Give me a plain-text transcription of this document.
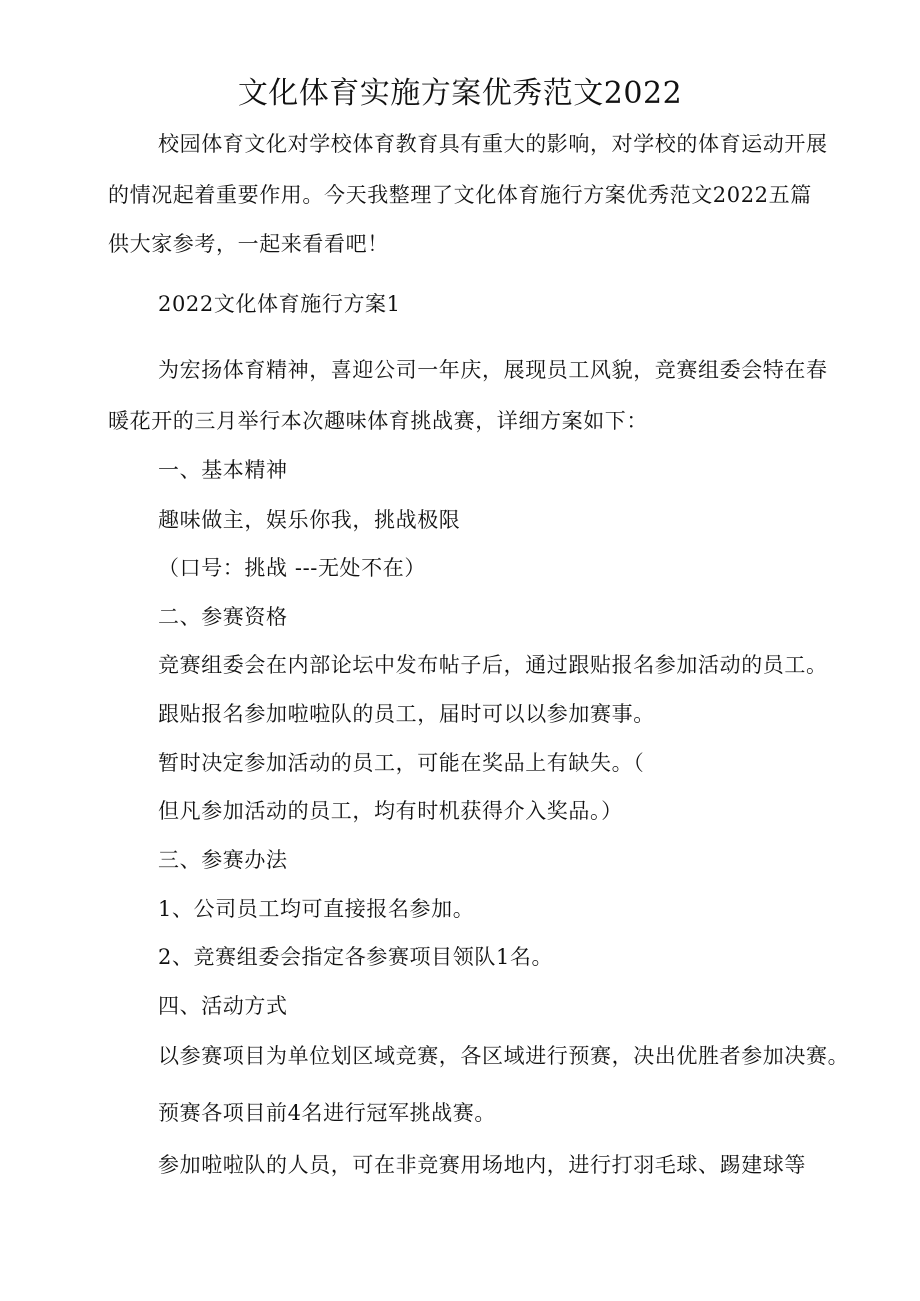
文化体育实施方案优秀范文2022
校园体育文化对学校体育教育具有重大的影响，对学校的体育运动开展
的情况起着重要作用。今天我整理了文化体育施行方案优秀范文2022五篇
供大家参考，一起来看看吧！
2022文化体育施行方案1
为宏扬体育精神，喜迎公司一年庆，展现员工风貌，竞赛组委会特在春
暖花开的三月举行本次趣味体育挑战赛，详细方案如下：
一、基本精神
趣味做主，娱乐你我，挑战极限
（口号：挑战 ---无处不在）
二、参赛资格
竞赛组委会在内部论坛中发布帖子后，通过跟贴报名参加活动的员工。
跟贴报名参加啦啦队的员工，届时可以以参加赛事。
暂时决定参加活动的员工，可能在奖品上有缺失。（
但凡参加活动的员工，均有时机获得介入奖品。）
三、参赛办法
1、公司员工均可直接报名参加。
2、竞赛组委会指定各参赛项目领队1名。
四、活动方式
以参赛项目为单位划区域竞赛，各区域进行预赛，决出优胜者参加决赛。
预赛各项目前4名进行冠军挑战赛。
参加啦啦队的人员，可在非竞赛用场地内，进行打羽毛球、踢建球等
